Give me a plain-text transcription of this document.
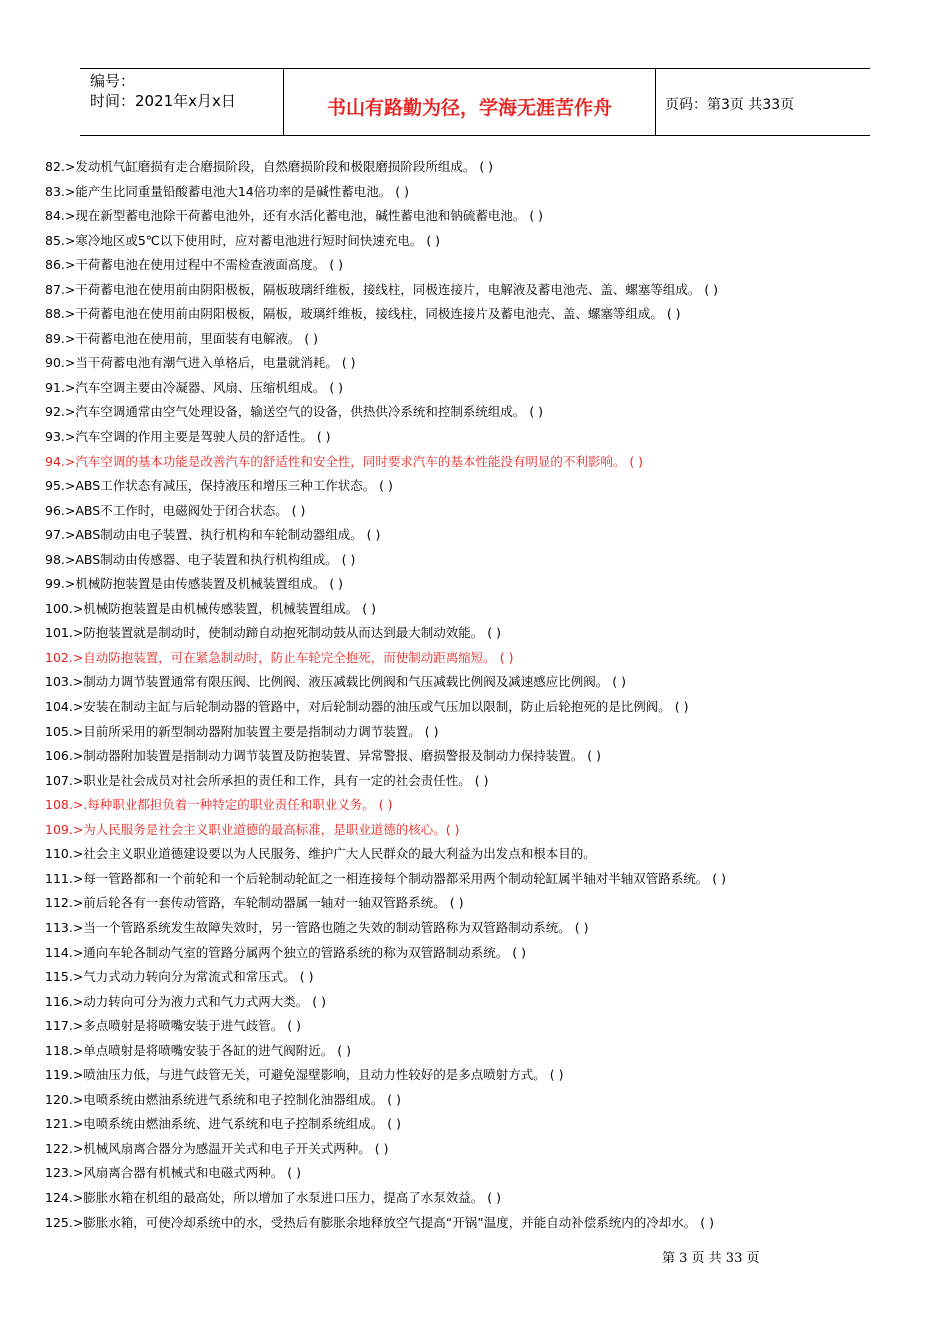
编号：
时间：2021年x月x日	书山有路勤为径，学海无涯苦作舟	页码：第3页 共33页
82.>发动机气缸磨损有走合磨损阶段，自然磨损阶段和极限磨损阶段所组成。 ( )
83.>能产生比同重量铅酸蓄电池大14倍功率的是碱性蓄电池。 ( )
84.>现在新型蓄电池除干荷蓄电池外，还有水活化蓄电池，碱性蓄电池和钠硫蓄电池。 ( )
85.>寒冷地区或5℃以下使用时，应对蓄电池进行短时间快速充电。 ( )
86.>干荷蓄电池在使用过程中不需检查液面高度。 ( )
87.>干荷蓄电池在使用前由阴阳极板，隔板玻璃纤维板，接线柱，同极连接片，电解液及蓄电池壳、盖、螺塞等组成。 ( )
88.>干荷蓄电池在使用前由阴阳极板，隔板，玻璃纤维板，接线柱，同极连接片及蓄电池壳、盖、螺塞等组成。 ( )
89.>干荷蓄电池在使用前，里面装有电解液。 ( )
90.>当干荷蓄电池有潮气进入单格后，电量就消耗。 ( )
91.>汽车空调主要由冷凝器、风扇、压缩机组成。 ( )
92.>汽车空调通常由空气处理设备，输送空气的设备，供热供冷系统和控制系统组成。 ( )
93.>汽车空调的作用主要是驾驶人员的舒适性。 ( )
94.>汽车空调的基本功能是改善汽车的舒适性和安全性，同时要求汽车的基本性能没有明显的不利影响。 ( )
95.>ABS工作状态有减压，保持液压和增压三种工作状态。 ( )
96.>ABS不工作时，电磁阀处于闭合状态。 ( )
97.>ABS制动由电子装置、执行机构和车轮制动器组成。 ( )
98.>ABS制动由传感器、电子装置和执行机构组成。 ( )
99.>机械防抱装置是由传感装置及机械装置组成。 ( )
100.>机械防抱装置是由机械传感装置，机械装置组成。 ( )
101.>防抱装置就是制动时，使制动蹄自动抱死制动鼓从而达到最大制动效能。 ( )
102.>自动防抱装置，可在紧急制动时，防止车轮完全抱死，而使制动距离缩短。 ( )
103.>制动力调节装置通常有限压阀、比例阀、液压减载比例阀和气压减载比例阀及减速感应比例阀。 ( )
104.>安装在制动主缸与后轮制动器的管路中，对后轮制动器的油压或气压加以限制，防止后轮抱死的是比例阀。 ( )
105.>目前所采用的新型制动器附加装置主要是指制动力调节装置。 ( )
106.>制动器附加装置是指制动力调节装置及防抱装置、异常警报、磨损警报及制动力保持装置。 ( )
107.>职业是社会成员对社会所承担的责任和工作，具有一定的社会责任性。 ( )
108.>.每种职业都担负着一种特定的职业责任和职业义务。 ( )
109.>为人民服务是社会主义职业道德的最高标准，是职业道德的核心。( )
110.>社会主义职业道德建设要以为人民服务、维护广大人民群众的最大利益为出发点和根本目的。
111.>每一管路都和一个前轮和一个后轮制动轮缸之一相连接每个制动器都采用两个制动轮缸属半轴对半轴双管路系统。 ( )
112.>前后轮各有一套传动管路，车轮制动器属一轴对一轴双管路系统。 ( )
113.>当一个管路系统发生故障失效时，另一管路也随之失效的制动管路称为双管路制动系统。 ( )
114.>通向车轮各制动气室的管路分属两个独立的管路系统的称为双管路制动系统。 ( )
115.>气力式动力转向分为常流式和常压式。 ( )
116.>动力转向可分为液力式和气力式两大类。 ( )
117.>多点喷射是将喷嘴安装于进气歧管。 ( )
118.>单点喷射是将喷嘴安装于各缸的进气阀附近。 ( )
119.>喷油压力低，与进气歧管无关，可避免湿壁影响，且动力性较好的是多点喷射方式。 ( )
120.>电喷系统由燃油系统进气系统和电子控制化油器组成。 ( )
121.>电喷系统由燃油系统、进气系统和电子控制系统组成。 ( )
122.>机械风扇离合器分为感温开关式和电子开关式两种。 ( )
123.>风扇离合器有机械式和电磁式两种。 ( )
124.>膨胀水箱在机组的最高处，所以增加了水泵进口压力，提高了水泵效益。 ( )
125.>膨胀水箱，可使冷却系统中的水，受热后有膨胀余地释放空气提高“开锅”温度，并能自动补偿系统内的冷却水。 ( )
第 3 页 共 33 页
